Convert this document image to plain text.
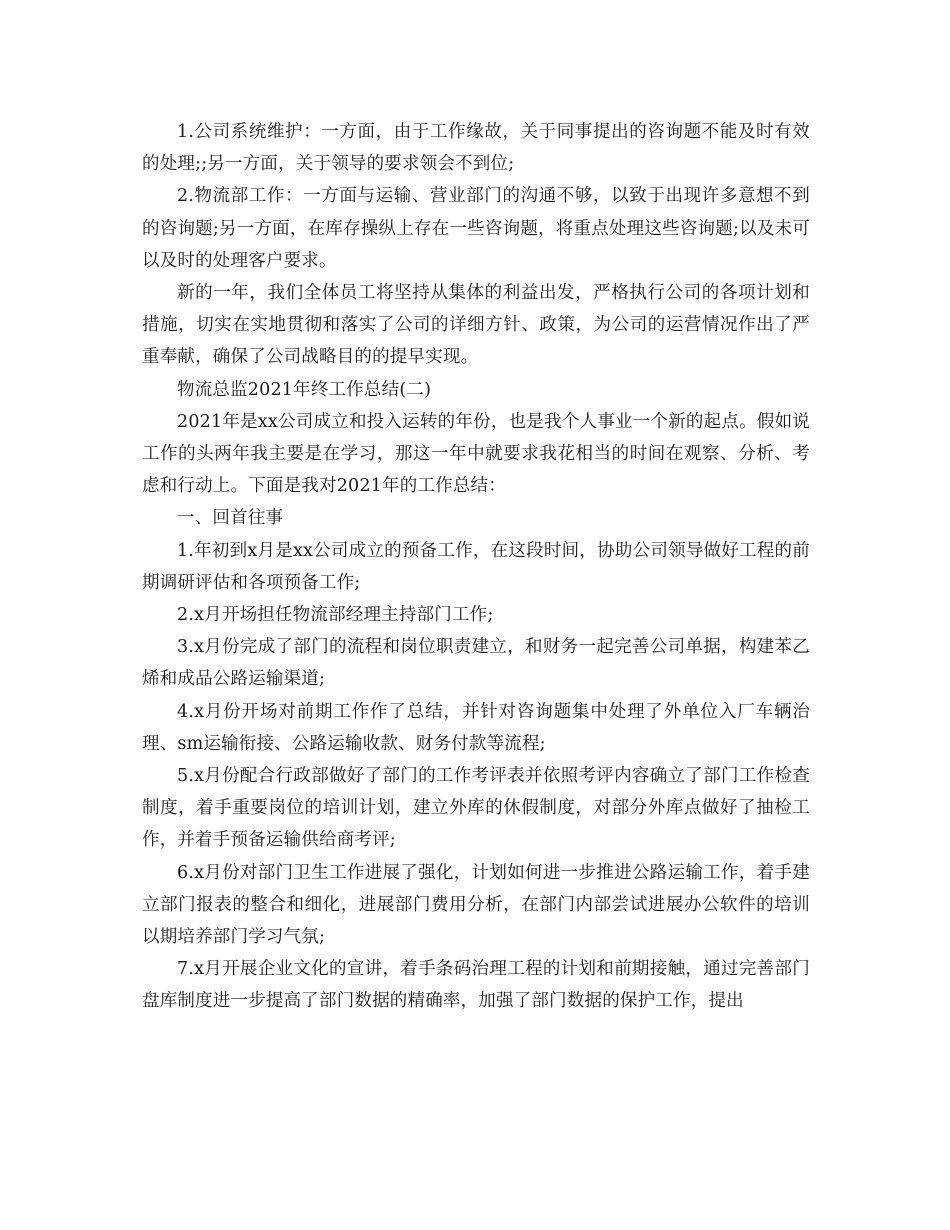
1.公司系统维护：一方面，由于工作缘故，关于同事提出的咨询题不能及时有效的处理;;另一方面，关于领导的要求领会不到位;

2.物流部工作：一方面与运输、营业部门的沟通不够，以致于出现许多意想不到的咨询题;另一方面，在库存操纵上存在一些咨询题，将重点处理这些咨询题;以及未可以及时的处理客户要求。

新的一年，我们全体员工将坚持从集体的利益出发，严格执行公司的各项计划和措施，切实在实地贯彻和落实了公司的详细方针、政策，为公司的运营情况作出了严重奉献，确保了公司战略目的的提早实现。

物流总监2021年终工作总结(二)

2021年是xx公司成立和投入运转的年份，也是我个人事业一个新的起点。假如说工作的头两年我主要是在学习，那这一年中就要求我花相当的时间在观察、分析、考虑和行动上。下面是我对2021年的工作总结：

一、回首往事

1.年初到x月是xx公司成立的预备工作，在这段时间，协助公司领导做好工程的前期调研评估和各项预备工作;

2.x月开场担任物流部经理主持部门工作;

3.x月份完成了部门的流程和岗位职责建立，和财务一起完善公司单据，构建苯乙烯和成品公路运输渠道;

4.x月份开场对前期工作作了总结，并针对咨询题集中处理了外单位入厂车辆治理、sm运输衔接、公路运输收款、财务付款等流程;

5.x月份配合行政部做好了部门的工作考评表并依照考评内容确立了部门工作检查制度，着手重要岗位的培训计划，建立外库的休假制度，对部分外库点做好了抽检工作，并着手预备运输供给商考评;

6.x月份对部门卫生工作进展了强化，计划如何进一步推进公路运输工作，着手建立部门报表的整合和细化，进展部门费用分析，在部门内部尝试进展办公软件的培训以期培养部门学习气氛;

7.x月开展企业文化的宣讲，着手条码治理工程的计划和前期接触，通过完善部门盘库制度进一步提高了部门数据的精确率，加强了部门数据的保护工作，提出
